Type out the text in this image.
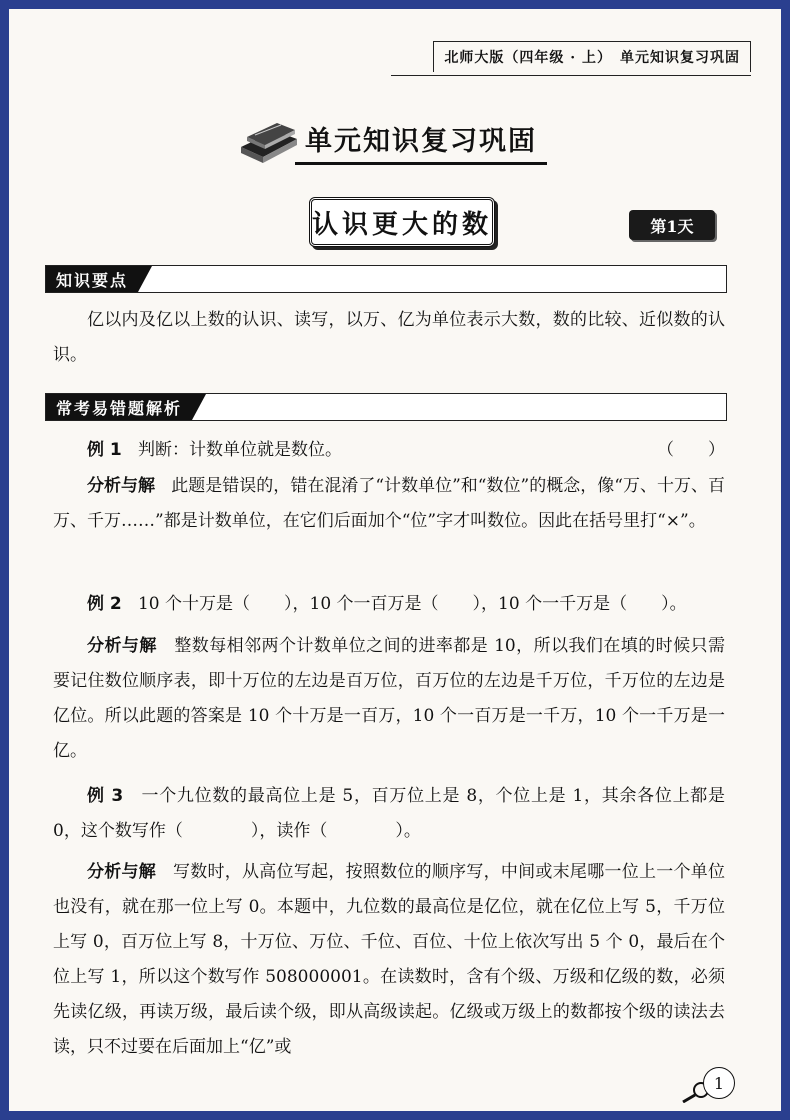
北师大版（四年级 · 上） 单元知识复习巩固
单元知识复习巩固
认识更大的数	第1天
知识要点

亿以内及亿以上数的认识、读写，以万、亿为单位表示大数，数的比较、近似数的认识。

常考易错题解析

例 1 判断：计数单位就是数位。	（　　）

分析与解 此题是错误的，错在混淆了“计数单位”和“数位”的概念，像“万、十万、百万、千万……”都是计数单位，在它们后面加个“位”字才叫数位。因此在括号里打“×”。

例 2 10 个十万是（　　），10 个一百万是（　　），10 个一千万是（　　）。

分析与解 整数每相邻两个计数单位之间的进率都是 10，所以我们在填的时候只需要记住数位顺序表，即十万位的左边是百万位，百万位的左边是千万位，千万位的左边是亿位。所以此题的答案是 10 个十万是一百万，10 个一百万是一千万，10 个一千万是一亿。

例 3 一个九位数的最高位上是 5，百万位上是 8，个位上是 1，其余各位上都是 0，这个数写作（　　　　），读作（　　　　）。

分析与解 写数时，从高位写起，按照数位的顺序写，中间或末尾哪一位上一个单位也没有，就在那一位上写 0。本题中，九位数的最高位是亿位，就在亿位上写 5，千万位上写 0，百万位上写 8，十万位、万位、千位、百位、十位上依次写出 5 个 0，最后在个位上写 1，所以这个数写作 508000001。在读数时，含有个级、万级和亿级的数，必须先读亿级，再读万级，最后读个级，即从高级读起。亿级或万级上的数都按个级的读法去读，只不过要在后面加上“亿”或

1
